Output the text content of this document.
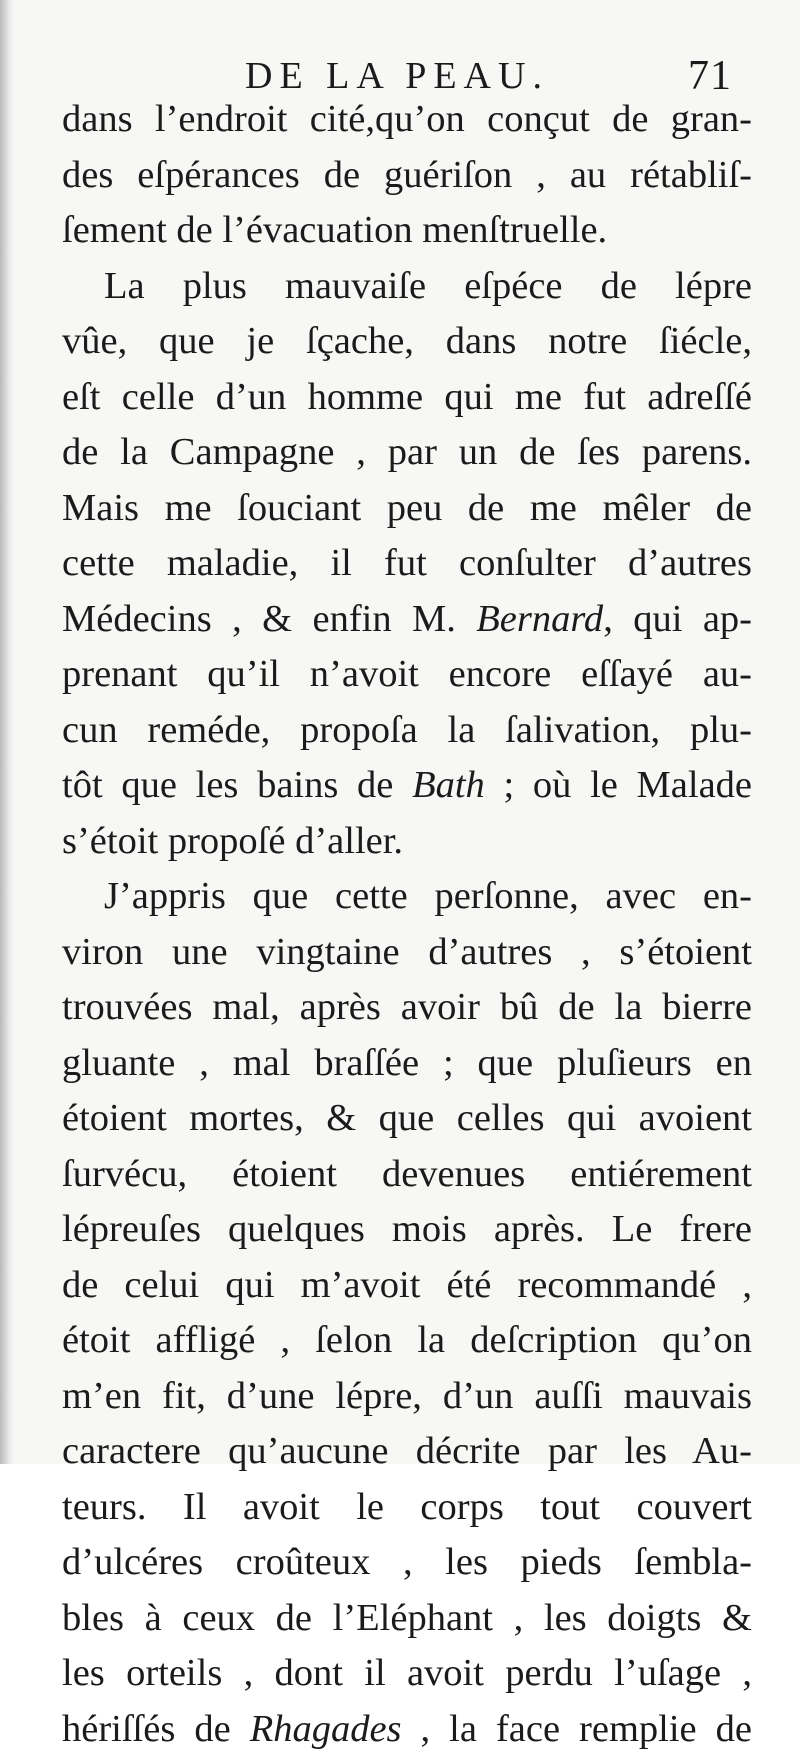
DE LA PEAU.	71
dans l’endroit cité,qu’on conçut de gran-
des eſpérances de guériſon , au rétabliſ-
ſement de l’évacuation menſtruelle.
La plus mauvaiſe eſpéce de lépre
vûe, que je ſçache, dans notre ſiécle,
eſt celle d’un homme qui me fut adreſſé
de la Campagne , par un de ſes parens.
Mais me ſouciant peu de me mêler de
cette maladie, il fut conſulter d’autres
Médecins , & enfin M. Bernard, qui ap-
prenant qu’il n’avoit encore eſſayé au-
cun reméde, propoſa la ſalivation, plu-
tôt que les bains de Bath ; où le Malade
s’étoit propoſé d’aller.
J’appris que cette perſonne, avec en-
viron une vingtaine d’autres , s’étoient
trouvées mal, après avoir bû de la bierre
gluante , mal braſſée ; que pluſieurs en
étoient mortes, & que celles qui avoient
ſurvécu, étoient devenues entiérement
lépreuſes quelques mois après. Le frere
de celui qui m’avoit été recommandé ,
étoit affligé , ſelon la deſcription qu’on
m’en fit, d’une lépre, d’un auſſi mauvais
caractere qu’aucune décrite par les Au-
teurs. Il avoit le corps tout couvert
d’ulcéres croûteux , les pieds ſembla-
bles à ceux de l’Eléphant , les doigts &
les orteils , dont il avoit perdu l’uſage ,
hériſſés de Rhagades , la face remplie de
